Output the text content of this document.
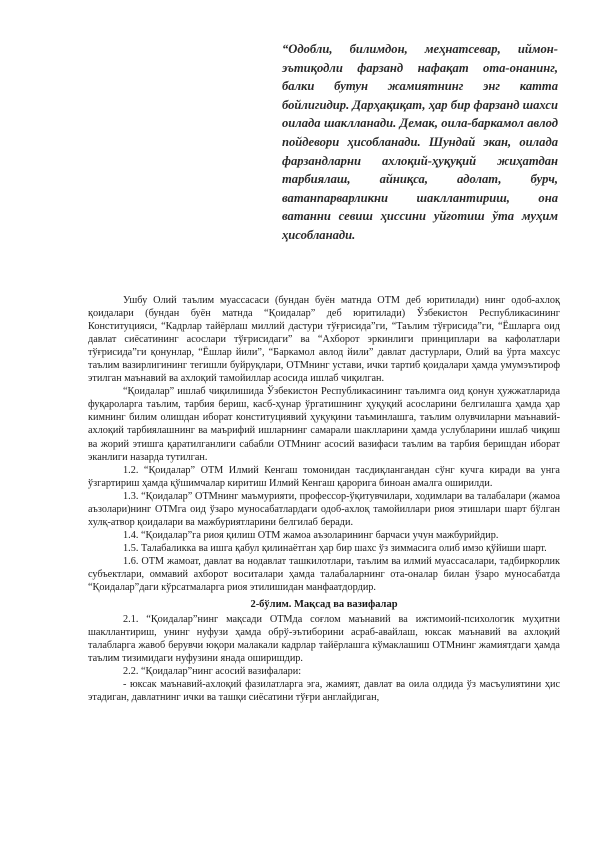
“Одобли, билимдон, меҳнатсевар, иймон-эътиқодли фарзанд нафақат ота-онанинг, балки бутун жамиятнинг энг катта бойлигидир. Дарҳақиқат, ҳар бир фарзанд шахси оилада шаклланади. Демак, оила-баркамол авлод пойдевори ҳисобланади. Шундай экан, оилада фарзандларни ахлоқий-ҳуқуқий жиҳатдан тарбиялаш, айниқса, адолат, бурч, ватанпарварликни шакллантириш, она ватанни севиш ҳиссини уйғотиш ўта муҳим ҳисобланади.

Ушбу Олий таълим муассасаси (бундан буён матнда ОТМ деб юритилади) нинг одоб-ахлоқ қоидалари (бундан буён матнда “Қоидалар” деб юритилади) Ўзбекистон Республикасининг Конституцияси, “Кадрлар тайёрлаш миллий дастури тўғрисида”ги, “Таълим тўғрисида”ги, “Ёшларга оид давлат сиёсатининг асослари тўғрисидаги” ва “Ахборот эркинлиги принциплари ва кафолатлари тўғрисида”ги қонунлар, “Ёшлар йили”, “Баркамол авлод йили” давлат дастурлари, Олий ва ўрта махсус таълим вазирлигининг тегишли буйруқлари, ОТМнинг устави, ички тартиб қоидалари ҳамда умумэътироф этилган маънавий ва ахлоқий тамойиллар асосида ишлаб чиқилган.

“Қоидалар” ишлаб чиқилишида Ўзбекистон Республикасининг таълимга оид қонун ҳужжатларида фуқароларга таълим, тарбия бериш, касб-ҳунар ўргатишнинг ҳуқуқий асосларини белгилашга ҳамда ҳар кимнинг билим олишдан иборат конституциявий ҳуқуқини таъминлашга, таълим олувчиларни маънавий-ахлоқий тарбиялашнинг ва маърифий ишларнинг самарали шаклларини ҳамда услубларини ишлаб чиқиш ва жорий этишга қаратилганлиги сабабли ОТМнинг асосий вазифаси таълим ва тарбия беришдан иборат эканлиги назарда тутилган.

1.2. “Қоидалар” ОТМ Илмий Кенгаш томонидан тасдиқлангандан сўнг кучга киради ва унга ўзгартириш ҳамда қўшимчалар киритиш Илмий Кенгаш қарорига биноан амалга оширилди.

1.3. “Қоидалар” ОТМнинг маъмурияти, профессор-ўқитувчилари, ходимлари ва талабалари (жамоа аъзолари)нинг ОТМга оид ўзаро муносабатлардаги одоб-ахлоқ тамойиллари риоя этишлари шарт бўлган хулқ-атвор қоидалари ва мажбуриятларини белгилаб беради.

1.4. “Қоидалар”га риоя қилиш ОТМ жамоа аъзоларининг барчаси учун мажбурийдир.

1.5. Талабаликка ва ишга қабул қилинаётган ҳар бир шахс ўз зиммасига олиб имзо қўйиши шарт.

1.6. ОТМ жамоат, давлат ва нодавлат ташкилотлари, таълим ва илмий муассасалари, тадбиркорлик субъектлари, оммавий ахборот воситалари ҳамда талабаларнинг ота-оналар билан ўзаро муносабатда “Қоидалар”даги кўрсатмаларга риоя этилишидан манфаатдордир.

2-бўлим. Мақсад ва вазифалар

2.1. “Қоидалар”нинг мақсади ОТМда соғлом маънавий ва ижтимоий-психологик муҳитни шакллантириш, унинг нуфузи ҳамда обрў-эътиборини асраб-авайлаш, юксак маънавий ва ахлоқий талабларга жавоб берувчи юқори малакали кадрлар тайёрлашга кўмаклашиш ОТМнинг жамиятдаги ҳамда таълим тизимидаги нуфузини янада оширишдир.

2.2. “Қоидалар”нинг асосий вазифалари:

- юксак маънавий-ахлоқий фазилатларга эга, жамият, давлат ва оила олдида ўз масъулиятини ҳис этадиган, давлатнинг ички ва ташқи сиёсатини тўғри англайдиган,
